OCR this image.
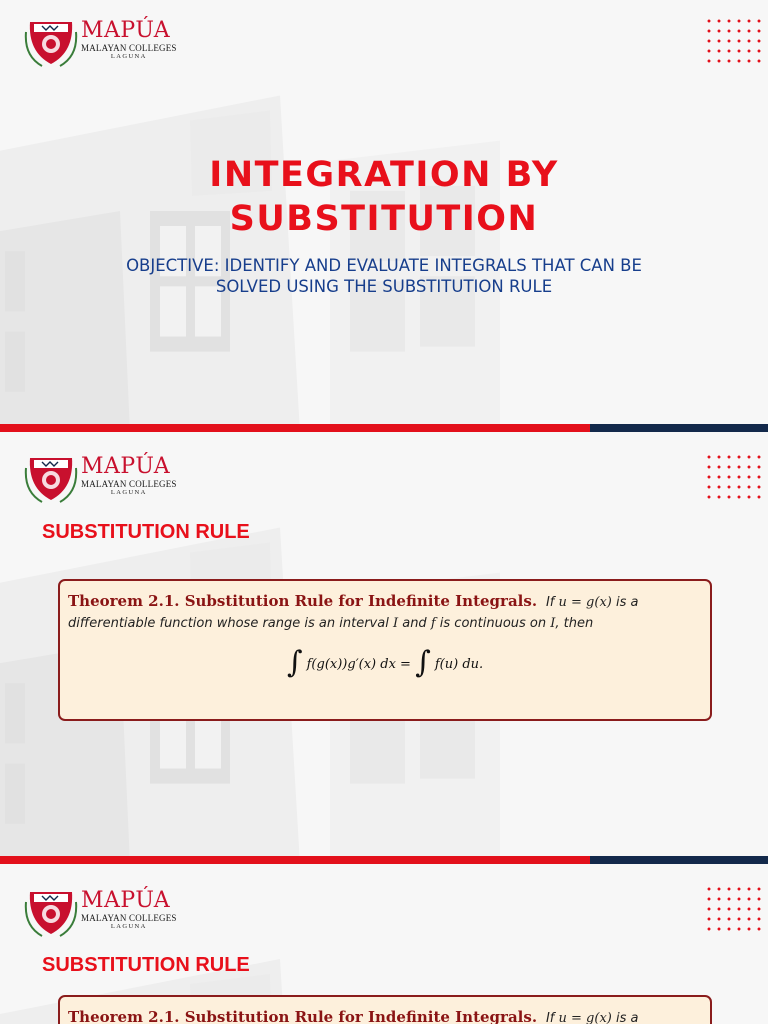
MAPÚA
MALAYAN COLLEGES
LAGUNA
INTEGRATION BY
SUBSTITUTION
OBJECTIVE: IDENTIFY AND EVALUATE INTEGRALS THAT CAN BE
SOLVED USING THE SUBSTITUTION RULE
MAPÚA
MALAYAN COLLEGES
LAGUNA
SUBSTITUTION RULE
Theorem 2.1. Substitution Rule for Indefinite Integrals. If u = g(x) is a
differentiable function whose range is an interval I and f is continuous on I, then
∫ f(g(x))g′(x) dx = ∫ f(u) du.
MAPÚA
MALAYAN COLLEGES
LAGUNA
SUBSTITUTION RULE
Theorem 2.1. Substitution Rule for Indefinite Integrals. If u = g(x) is a
